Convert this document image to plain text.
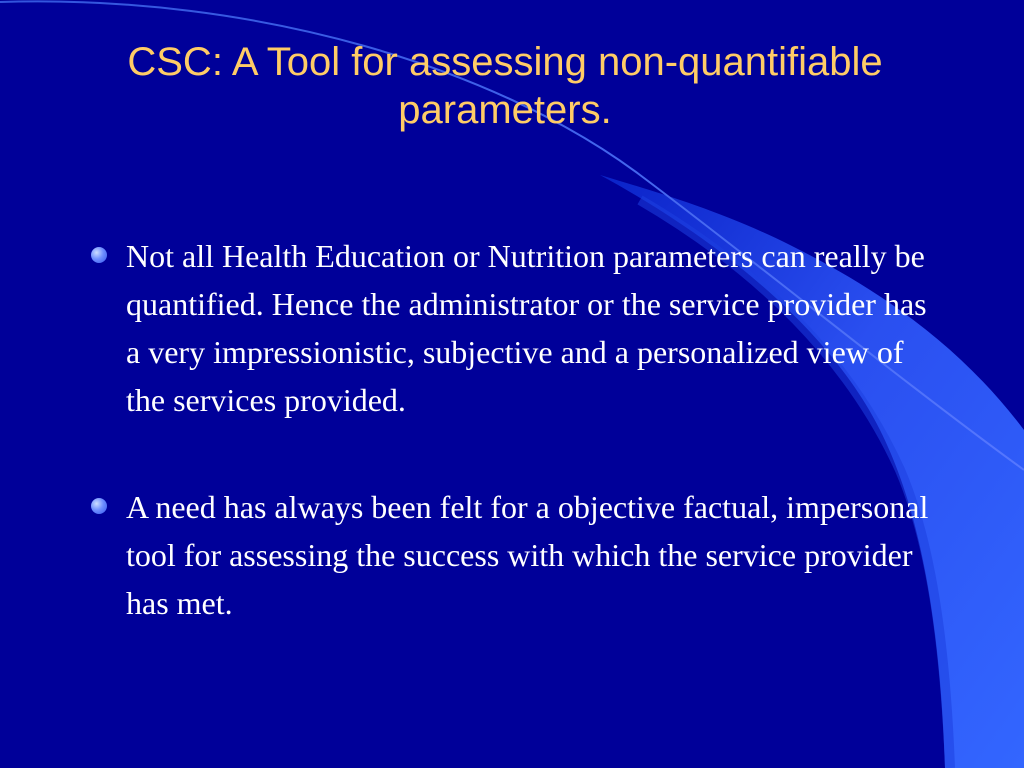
CSC: A Tool for assessing non-quantifiable parameters.

Not all Health Education or Nutrition parameters can really be quantified. Hence the administrator or the service provider has a very impressionistic, subjective and a personalized view of the services provided.

A need has always been felt for a objective factual, impersonal tool for assessing the success with which the service provider has met.
